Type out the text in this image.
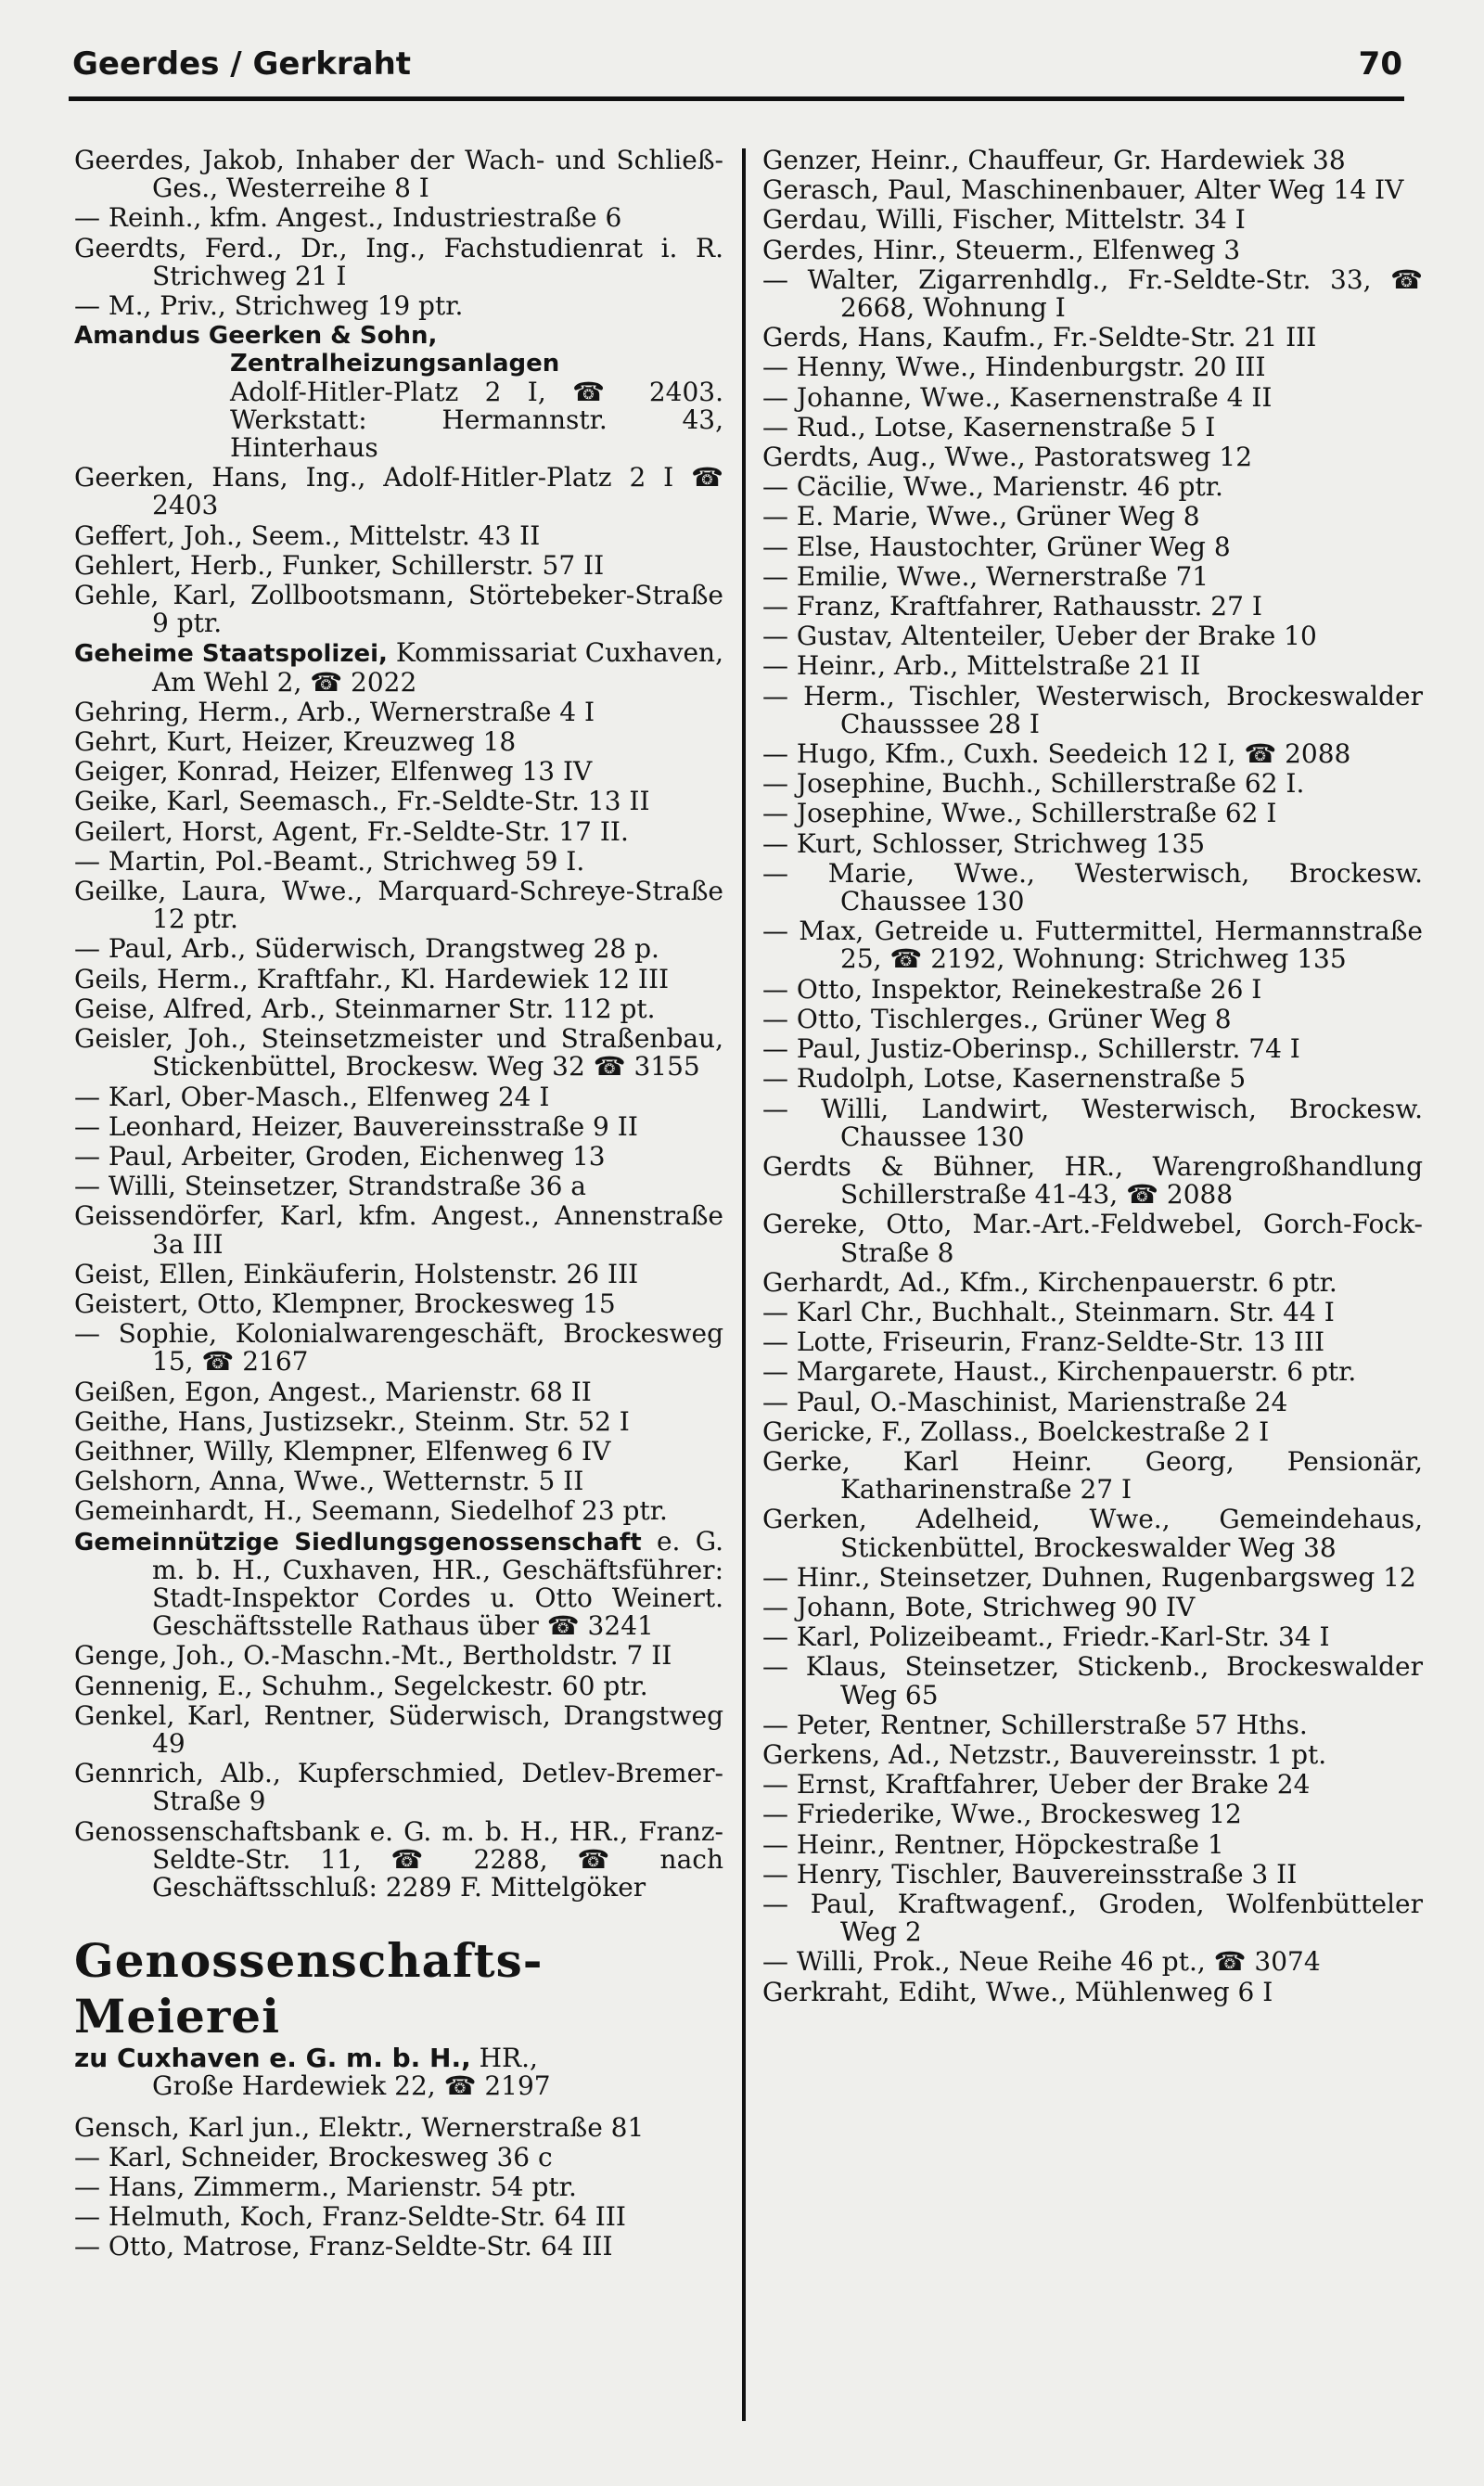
Geerdes / Gerkraht	70
Geerdes, Jakob, Inhaber der Wach- und Schließ-Ges., Westerreihe 8 I
— Reinh., kfm. Angest., Industriestraße 6
Geerdts, Ferd., Dr., Ing., Fachstudienrat i. R. Strichweg 21 I
— M., Priv., Strichweg 19 ptr.
Amandus Geerken & Sohn,
Zentralheizungsanlagen
Adolf-Hitler-Platz 2 I, ☎ 2403. Werkstatt: Hermannstr. 43, Hinterhaus
Geerken, Hans, Ing., Adolf-Hitler-Platz 2 I ☎ 2403
Geffert, Joh., Seem., Mittelstr. 43 II
Gehlert, Herb., Funker, Schillerstr. 57 II
Gehle, Karl, Zollbootsmann, Störtebeker-Straße 9 ptr.
Geheime Staatspolizei, Kommissariat Cuxhaven, Am Wehl 2, ☎ 2022
Gehring, Herm., Arb., Wernerstraße 4 I
Gehrt, Kurt, Heizer, Kreuzweg 18
Geiger, Konrad, Heizer, Elfenweg 13 IV
Geike, Karl, Seemasch., Fr.-Seldte-Str. 13 II
Geilert, Horst, Agent, Fr.-Seldte-Str. 17 II.
— Martin, Pol.-Beamt., Strichweg 59 I.
Geilke, Laura, Wwe., Marquard-Schreye-Straße 12 ptr.
— Paul, Arb., Süderwisch, Drangstweg 28 p.
Geils, Herm., Kraftfahr., Kl. Hardewiek 12 III
Geise, Alfred, Arb., Steinmarner Str. 112 pt.
Geisler, Joh., Steinsetzmeister und Straßenbau, Stickenbüttel, Brockesw. Weg 32 ☎ 3155
— Karl, Ober-Masch., Elfenweg 24 I
— Leonhard, Heizer, Bauvereinsstraße 9 II
— Paul, Arbeiter, Groden, Eichenweg 13
— Willi, Steinsetzer, Strandstraße 36 a
Geissendörfer, Karl, kfm. Angest., Annenstraße 3a III
Geist, Ellen, Einkäuferin, Holstenstr. 26 III
Geistert, Otto, Klempner, Brockesweg 15
— Sophie, Kolonialwarengeschäft, Brockesweg 15, ☎ 2167
Geißen, Egon, Angest., Marienstr. 68 II
Geithe, Hans, Justizsekr., Steinm. Str. 52 I
Geithner, Willy, Klempner, Elfenweg 6 IV
Gelshorn, Anna, Wwe., Wetternstr. 5 II
Gemeinhardt, H., Seemann, Siedelhof 23 ptr.
Gemeinnützige Siedlungsgenossenschaft e. G. m. b. H., Cuxhaven, HR., Geschäftsführer: Stadt-Inspektor Cordes u. Otto Weinert. Geschäftsstelle Rathaus über ☎ 3241
Genge, Joh., O.-Maschn.-Mt., Bertholdstr. 7 II
Gennenig, E., Schuhm., Segelckestr. 60 ptr.
Genkel, Karl, Rentner, Süderwisch, Drangstweg 49
Gennrich, Alb., Kupferschmied, Detlev-Bremer-Straße 9
Genossenschaftsbank e. G. m. b. H., HR., Franz-Seldte-Str. 11, ☎ 2288, ☎ nach Geschäftsschluß: 2289 F. Mittelgöker
Genossenschafts-Meierei
zu Cuxhaven e. G. m. b. H., HR.,
Große Hardewiek 22, ☎ 2197
Gensch, Karl jun., Elektr., Wernerstraße 81
— Karl, Schneider, Brockesweg 36 c
— Hans, Zimmerm., Marienstr. 54 ptr.
— Helmuth, Koch, Franz-Seldte-Str. 64 III
— Otto, Matrose, Franz-Seldte-Str. 64 III
Genzer, Heinr., Chauffeur, Gr. Hardewiek 38
Gerasch, Paul, Maschinenbauer, Alter Weg 14 IV
Gerdau, Willi, Fischer, Mittelstr. 34 I
Gerdes, Hinr., Steuerm., Elfenweg 3
— Walter, Zigarrenhdlg., Fr.-Seldte-Str. 33, ☎ 2668, Wohnung I
Gerds, Hans, Kaufm., Fr.-Seldte-Str. 21 III
— Henny, Wwe., Hindenburgstr. 20 III
— Johanne, Wwe., Kasernenstraße 4 II
— Rud., Lotse, Kasernenstraße 5 I
Gerdts, Aug., Wwe., Pastoratsweg 12
— Cäcilie, Wwe., Marienstr. 46 ptr.
— E. Marie, Wwe., Grüner Weg 8
— Else, Haustochter, Grüner Weg 8
— Emilie, Wwe., Wernerstraße 71
— Franz, Kraftfahrer, Rathausstr. 27 I
— Gustav, Altenteiler, Ueber der Brake 10
— Heinr., Arb., Mittelstraße 21 II
— Herm., Tischler, Westerwisch, Brockeswalder Chausssee 28 I
— Hugo, Kfm., Cuxh. Seedeich 12 I, ☎ 2088
— Josephine, Buchh., Schillerstraße 62 I.
— Josephine, Wwe., Schillerstraße 62 I
— Kurt, Schlosser, Strichweg 135
— Marie, Wwe., Westerwisch, Brockesw. Chaussee 130
— Max, Getreide u. Futtermittel, Hermannstraße 25, ☎ 2192, Wohnung: Strichweg 135
— Otto, Inspektor, Reinekestraße 26 I
— Otto, Tischlerges., Grüner Weg 8
— Paul, Justiz-Oberinsp., Schillerstr. 74 I
— Rudolph, Lotse, Kasernenstraße 5
— Willi, Landwirt, Westerwisch, Brockesw. Chaussee 130
Gerdts & Bühner, HR., Warengroßhandlung Schillerstraße 41-43, ☎ 2088
Gereke, Otto, Mar.-Art.-Feldwebel, Gorch-Fock-Straße 8
Gerhardt, Ad., Kfm., Kirchenpauerstr. 6 ptr.
— Karl Chr., Buchhalt., Steinmarn. Str. 44 I
— Lotte, Friseurin, Franz-Seldte-Str. 13 III
— Margarete, Haust., Kirchenpauerstr. 6 ptr.
— Paul, O.-Maschinist, Marienstraße 24
Gericke, F., Zollass., Boelckestraße 2 I
Gerke, Karl Heinr. Georg, Pensionär, Katharinenstraße 27 I
Gerken, Adelheid, Wwe., Gemeindehaus, Stickenbüttel, Brockeswalder Weg 38
— Hinr., Steinsetzer, Duhnen, Rugenbargsweg 12
— Johann, Bote, Strichweg 90 IV
— Karl, Polizeibeamt., Friedr.-Karl-Str. 34 I
— Klaus, Steinsetzer, Stickenb., Brockeswalder Weg 65
— Peter, Rentner, Schillerstraße 57 Hths.
Gerkens, Ad., Netzstr., Bauvereinsstr. 1 pt.
— Ernst, Kraftfahrer, Ueber der Brake 24
— Friederike, Wwe., Brockesweg 12
— Heinr., Rentner, Höpckestraße 1
— Henry, Tischler, Bauvereinsstraße 3 II
— Paul, Kraftwagenf., Groden, Wolfenbütteler Weg 2
— Willi, Prok., Neue Reihe 46 pt., ☎ 3074
Gerkraht, Ediht, Wwe., Mühlenweg 6 I
